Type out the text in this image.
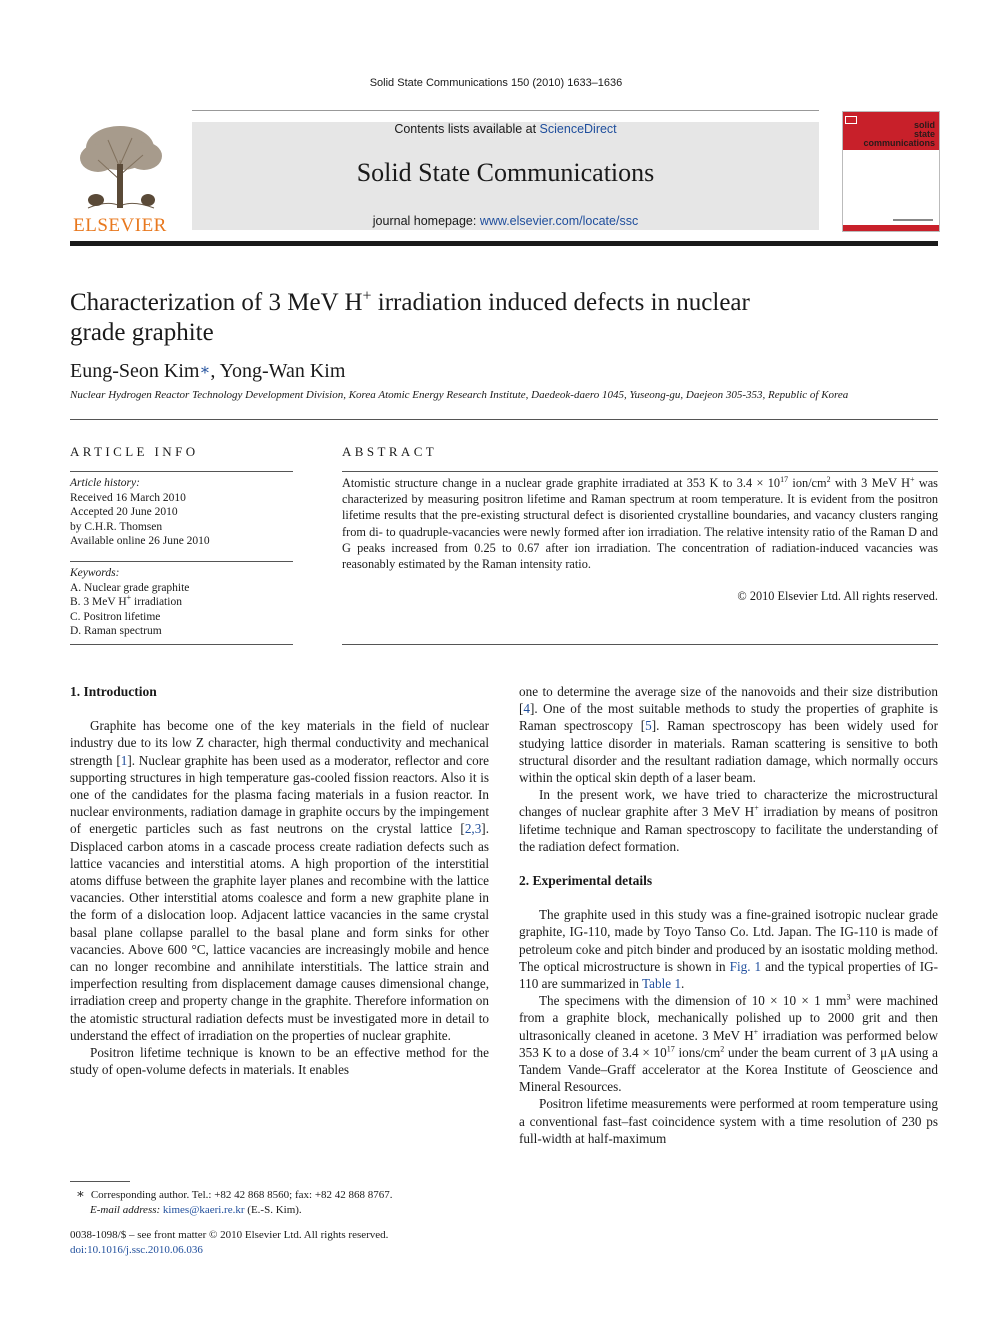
Solid State Communications 150 (2010) 1633–1636
ELSEVIER
Contents lists available at ScienceDirect
Solid State Communications
journal homepage: www.elsevier.com/locate/ssc
solid
state
communications
Characterization of 3 MeV H+ irradiation induced defects in nuclear
grade graphite
Eung-Seon Kim∗, Yong-Wan Kim
Nuclear Hydrogen Reactor Technology Development Division, Korea Atomic Energy Research Institute, Daedeok-daero 1045, Yuseong-gu, Daejeon 305-353, Republic of Korea
ARTICLE INFO
Article history:
Received 16 March 2010
Accepted 20 June 2010
by C.H.R. Thomsen
Available online 26 June 2010
Keywords:
A. Nuclear grade graphite
B. 3 MeV H+ irradiation
C. Positron lifetime
D. Raman spectrum
ABSTRACT
Atomistic structure change in a nuclear grade graphite irradiated at 353 K to $3.4 \times 10^{17}$ ion/$cm^2$ with 3 MeV H+ was characterized by measuring positron lifetime and Raman spectrum at room temperature. It is evident from the positron lifetime results that the pre-existing structural defect is disoriented crystalline boundaries, and vacancy clusters ranging from di- to quadruple-vacancies were newly formed after ion irradiation. The relative intensity ratio of the Raman D and G peaks increased from 0.25 to 0.67 after ion irradiation. The concentration of radiation-induced vacancies was reasonably estimated by the Raman intensity ratio.
© 2010 Elsevier Ltd. All rights reserved.
1. Introduction

Graphite has become one of the key materials in the field of nuclear industry due to its low Z character, high thermal conductivity and mechanical strength [1]. Nuclear graphite has been used as a moderator, reflector and core supporting structures in high temperature gas-cooled fission reactors. Also it is one of the candidates for the plasma facing materials in a fusion reactor. In nuclear environments, radiation damage in graphite occurs by the impingement of energetic particles such as fast neutrons on the crystal lattice [2,3]. Displaced carbon atoms in a cascade process create radiation defects such as lattice vacancies and interstitial atoms. A high proportion of the interstitial atoms diffuse between the graphite layer planes and recombine with the lattice vacancies. Other interstitial atoms coalesce and form a new graphite plane in the form of a dislocation loop. Adjacent lattice vacancies in the same crystal basal plane collapse parallel to the basal plane and form sinks for other vacancies. Above 600 °C, lattice vacancies are increasingly mobile and hence can no longer recombine and annihilate interstitials. The lattice strain and imperfection resulting from displacement damage causes dimensional change, irradiation creep and property change in the graphite. Therefore information on the atomistic structural radiation defects must be investigated more in detail to understand the effect of irradiation on the properties of nuclear graphite.

Positron lifetime technique is known to be an effective method for the study of open-volume defects in materials. It enables

one to determine the average size of the nanovoids and their size distribution [4]. One of the most suitable methods to study the properties of graphite is Raman spectroscopy [5]. Raman spectroscopy has been widely used for studying lattice disorder in materials. Raman scattering is sensitive to both structural disorder and the resultant radiation damage, which normally occurs within the optical skin depth of a laser beam.

In the present work, we have tried to characterize the microstructural changes of nuclear graphite after 3 MeV H+ irradiation by means of positron lifetime technique and Raman spectroscopy to facilitate the understanding of the radiation defect formation.

2. Experimental details

The graphite used in this study was a fine-grained isotropic nuclear grade graphite, IG-110, made by Toyo Tanso Co. Ltd. Japan. The IG-110 is made of petroleum coke and pitch binder and produced by an isostatic molding method. The optical microstructure is shown in Fig. 1 and the typical properties of IG-110 are summarized in Table 1.

The specimens with the dimension of 10 × 10 × 1 $mm^3$ were machined from a graphite block, mechanically polished up to 2000 grit and then ultrasonically cleaned in acetone. 3 MeV H+ irradiation was performed below 353 K to a dose of $3.4 \times 10^{17}$ ions/$cm^2$ under the beam current of 3 μA using a Tandem Vande–Graff accelerator at the Korea Institute of Geoscience and Mineral Resources.

Positron lifetime measurements were performed at room temperature using a conventional fast–fast coincidence system with a time resolution of 230 ps full-width at half-maximum

∗ Corresponding author. Tel.: +82 42 868 8560; fax: +82 42 868 8767.
E-mail address: kimes@kaeri.re.kr (E.-S. Kim).
0038-1098/$ – see front matter © 2010 Elsevier Ltd. All rights reserved.
doi:10.1016/j.ssc.2010.06.036
